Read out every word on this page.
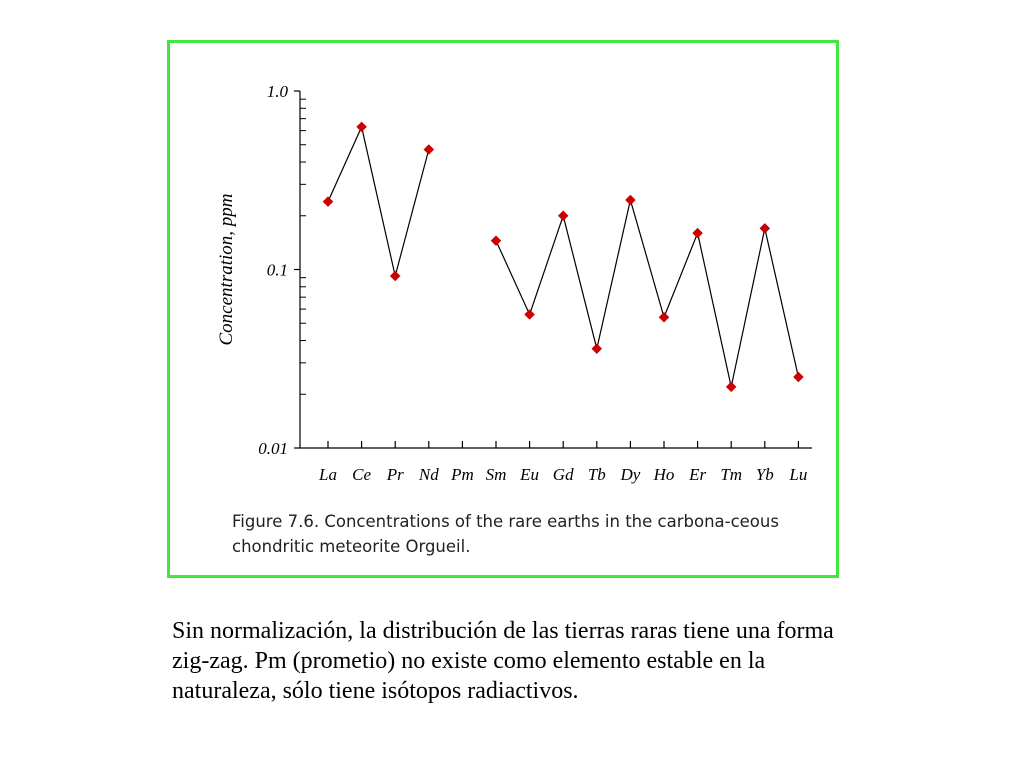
1.0
0.1
0.01
Concentration, ppm
La Ce Pr Nd Pm Sm Eu Gd Tb Dy Ho Er Tm Yb Lu

Figure 7.6. Concentrations of the rare earths in the carbona-ceous chondritic meteorite Orgueil.

Sin normalización, la distribución de las tierras raras tiene una forma zig-zag. Pm (prometio) no existe como elemento estable en la naturaleza, sólo tiene isótopos radiactivos.
